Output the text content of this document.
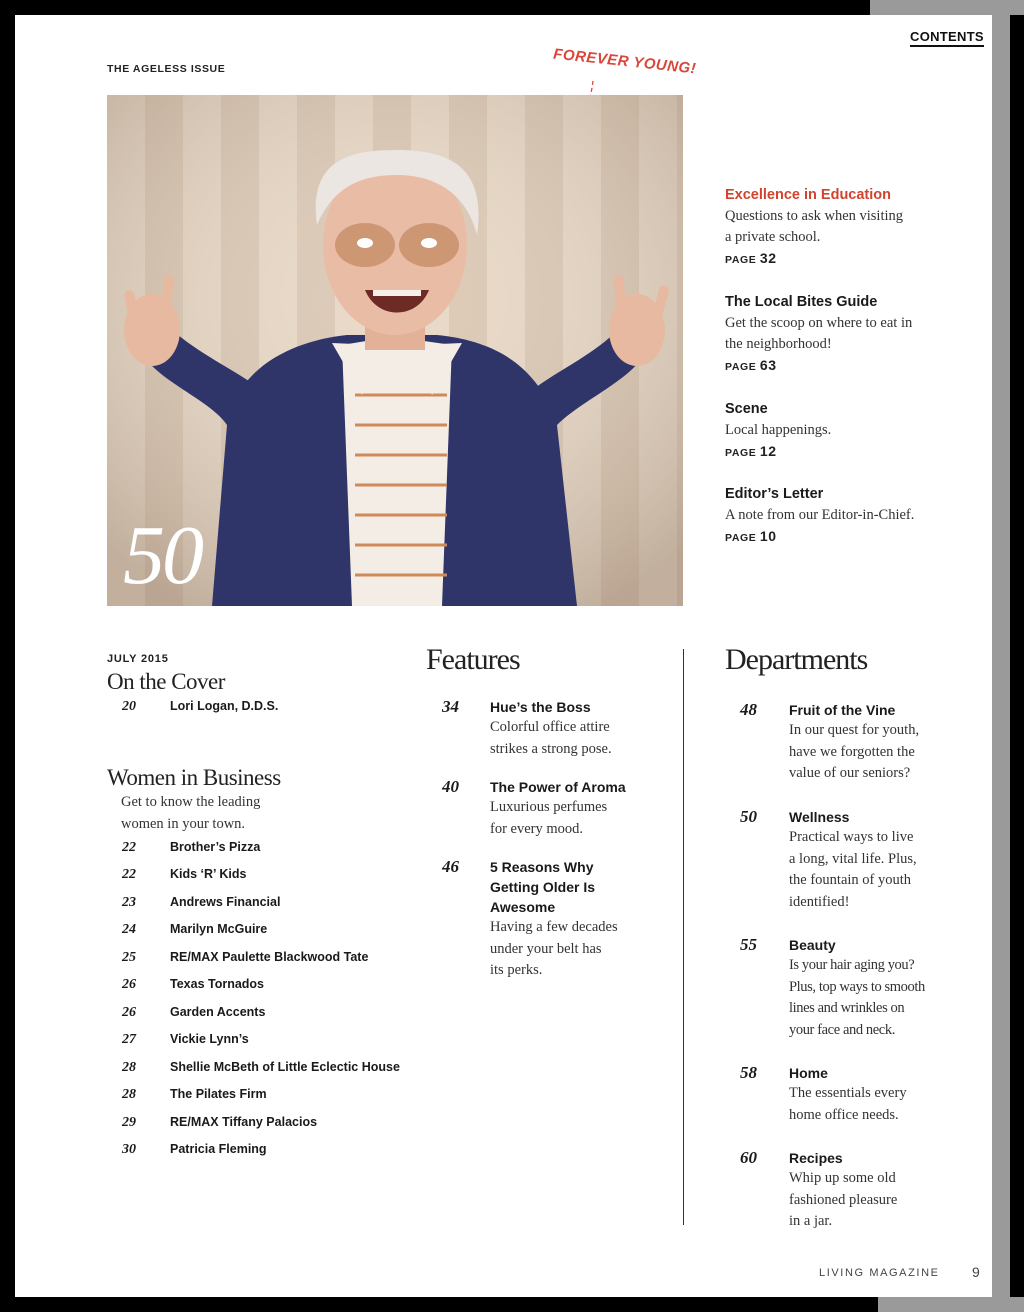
CONTENTS
THE AGELESS ISSUE	FOREVER YOUNG!
50
Excellence in Education
Questions to ask when visiting
a private school.
PAGE 32
The Local Bites Guide
Get the scoop on where to eat in
the neighborhood!
PAGE 63
Scene
Local happenings.
PAGE 12
Editor’s Letter
A note from our Editor-in-Chief.
PAGE 10
JULY 2015
On the Cover
20	Lori Logan, D.D.S.
Women in Business
Get to know the leading
women in your town.
22	Brother’s Pizza
22	Kids ‘R’ Kids
23	Andrews Financial
24	Marilyn McGuire
25	RE/MAX Paulette Blackwood Tate
26	Texas Tornados
26	Garden Accents
27	Vickie Lynn’s
28	Shellie McBeth of Little Eclectic House
28	The Pilates Firm
29	RE/MAX Tiffany Palacios
30	Patricia Fleming
Features
34 Hue’s the Boss
Colorful office attire
strikes a strong pose.
40 The Power of Aroma
Luxurious perfumes
for every mood.
46 5 Reasons Why
Getting Older Is
Awesome
Having a few decades
under your belt has
its perks.
Departments
48 Fruit of the Vine
In our quest for youth,
have we forgotten the
value of our seniors?
50 Wellness
Practical ways to live
a long, vital life. Plus,
the fountain of youth
identified!
55 Beauty
Is your hair aging you?
Plus, top ways to smooth
lines and wrinkles on
your face and neck.
58 Home
The essentials every
home office needs.
60 Recipes
Whip up some old
fashioned pleasure
in a jar.
LIVING MAGAZINE 9
